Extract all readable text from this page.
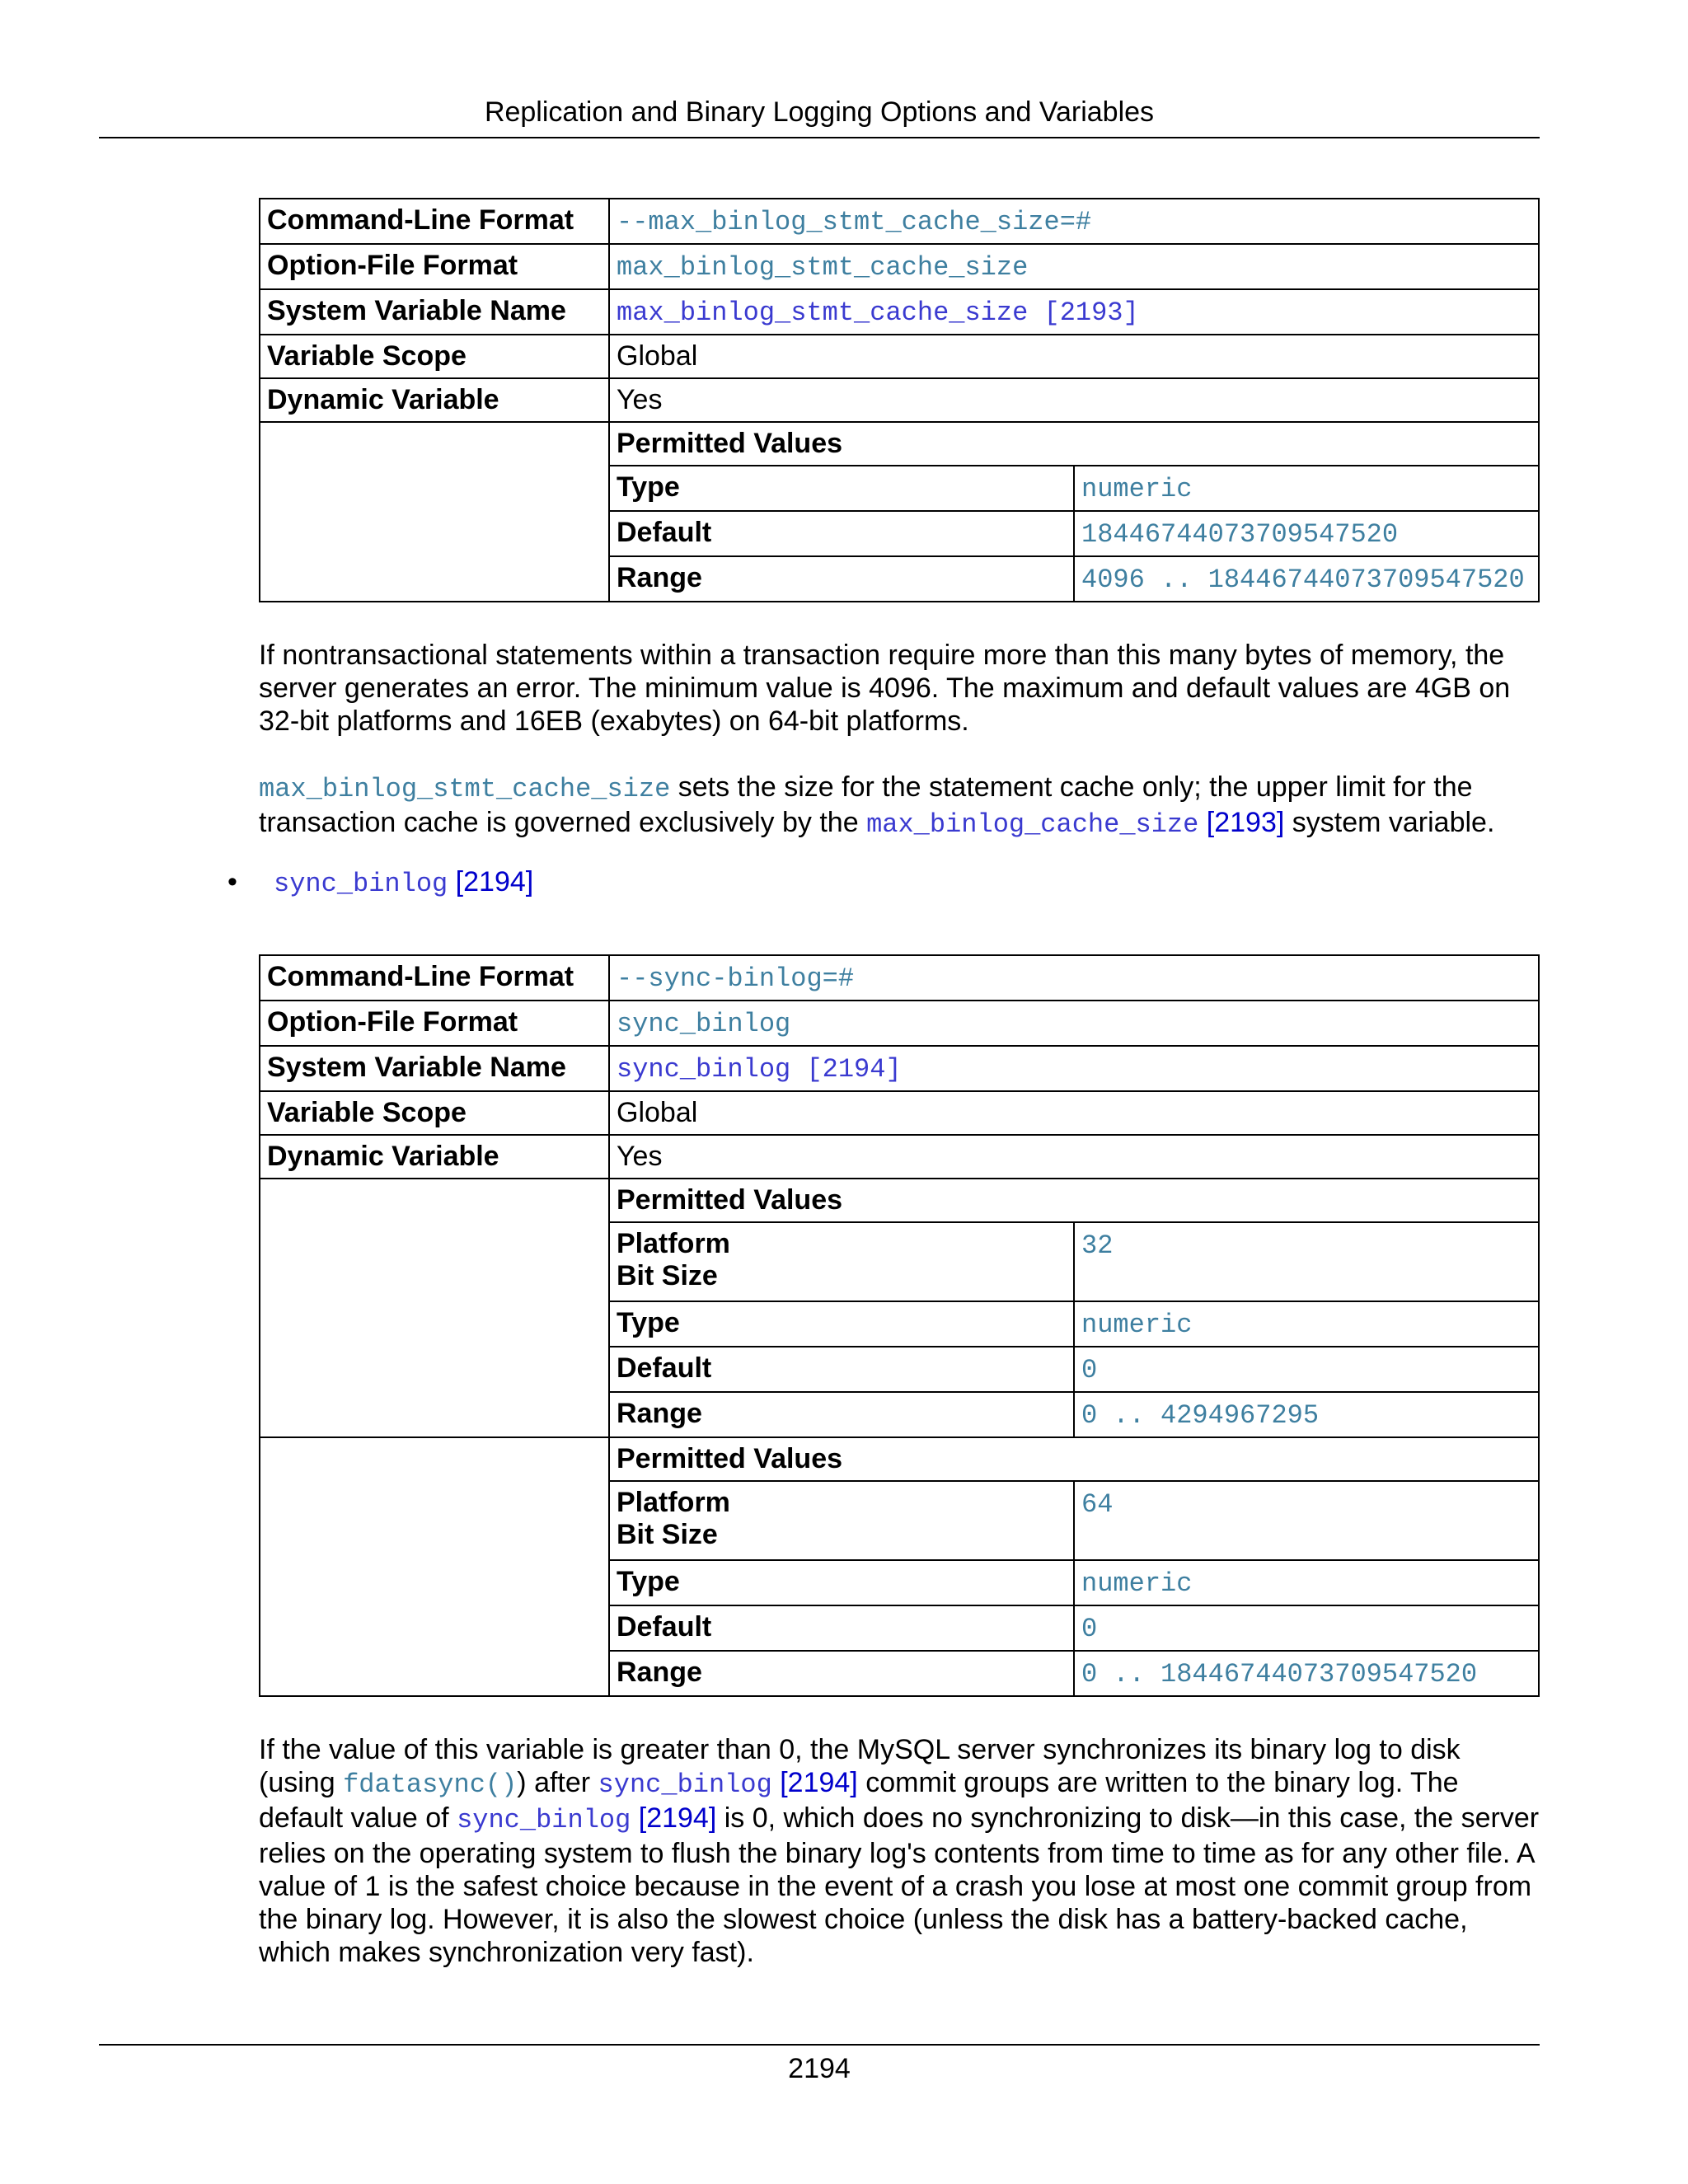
Replication and Binary Logging Options and Variables
Command-Line Format	--max_binlog_stmt_cache_size=#
Option-File Format	max_binlog_stmt_cache_size
System Variable Name	max_binlog_stmt_cache_size [2193]
Variable Scope	Global
Dynamic Variable	Yes

Permitted Values
Type	numeric
Default	18446744073709547520
Range	4096 .. 18446744073709547520

If nontransactional statements within a transaction require more than this many bytes of memory, the server generates an error. The minimum value is 4096. The maximum and default values are 4GB on 32-bit platforms and 16EB (exabytes) on 64-bit platforms.

max_binlog_stmt_cache_size sets the size for the statement cache only; the upper limit for the transaction cache is governed exclusively by the max_binlog_cache_size [2193] system variable.

• sync_binlog [2194]
Command-Line Format	--sync-binlog=#
Option-File Format	sync_binlog
System Variable Name	sync_binlog [2194]
Variable Scope	Global
Dynamic Variable	Yes

Permitted Values
Platform
Bit Size	32
Type	numeric
Default	0
Range	0 .. 4294967295

Permitted Values
Platform
Bit Size	64
Type	numeric
Default	0
Range	0 .. 18446744073709547520

If the value of this variable is greater than 0, the MySQL server synchronizes its binary log to disk (using fdatasync()) after sync_binlog [2194] commit groups are written to the binary log. The default value of sync_binlog [2194] is 0, which does no synchronizing to disk—in this case, the server relies on the operating system to flush the binary log's contents from time to time as for any other file. A value of 1 is the safest choice because in the event of a crash you lose at most one commit group from the binary log. However, it is also the slowest choice (unless the disk has a battery-backed cache, which makes synchronization very fast).

2194
